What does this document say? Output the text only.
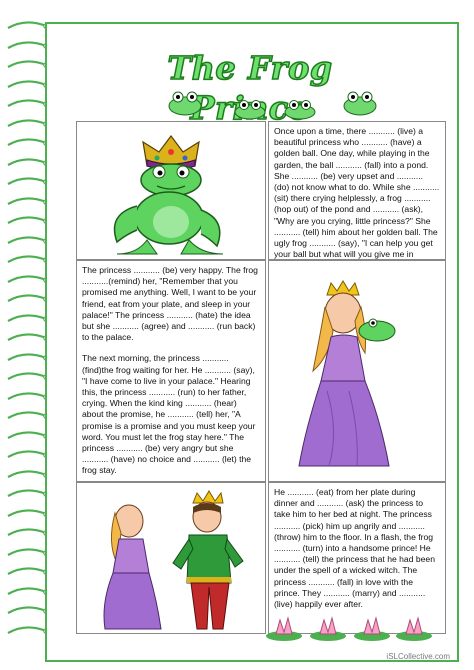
The Frog
Once upon a time, there ........... (live) a beautiful princess who ........... (have) a golden ball. One day, while playing in the garden, the ball ........... (fall) into a pond. She ........... (be) very upset and ........... (do) not know what to do. While she ........... (sit) there crying helplessly, a frog ........... (hop out) of the pond and ........... (ask), "Why are you crying, little princess?" She ........... (tell) him about her golden ball. The ugly frog ........... (say), "I can help you get your ball but what will you give me in
The princess ........... (be) very happy. The frog ...........(remind) her, "Remember that you promised me anything. Well, I want to be your friend, eat from your plate, and sleep in your palace!" The princess ........... (hate) the idea but she ........... (agree) and ........... (run back) to the palace.
The next morning, the princess ........... (find)the frog waiting for her. He ........... (say), "I have come to live in your palace." Hearing this, the princess ........... (run) to her father, crying. When the kind king ........... (hear) about the promise, he ........... (tell) her, "A promise is a promise and you must keep your word. You must let the frog stay here." The princess ........... (be) very angry but she ........... (have) no choice and ........... (let) the frog stay.
He ........... (eat) from her plate during dinner and ........... (ask) the princess to take him to her bed at night. The princess ........... (pick) him up angrily and ........... (throw) him to the floor. In a flash, the frog ........... (turn) into a handsome prince! He ........... (tell) the princess that he had been under the spell of a wicked witch. The princess ........... (fall) in love with the prince. They ........... (marry) and ........... (live) happily ever after.
iSLCollective.com
